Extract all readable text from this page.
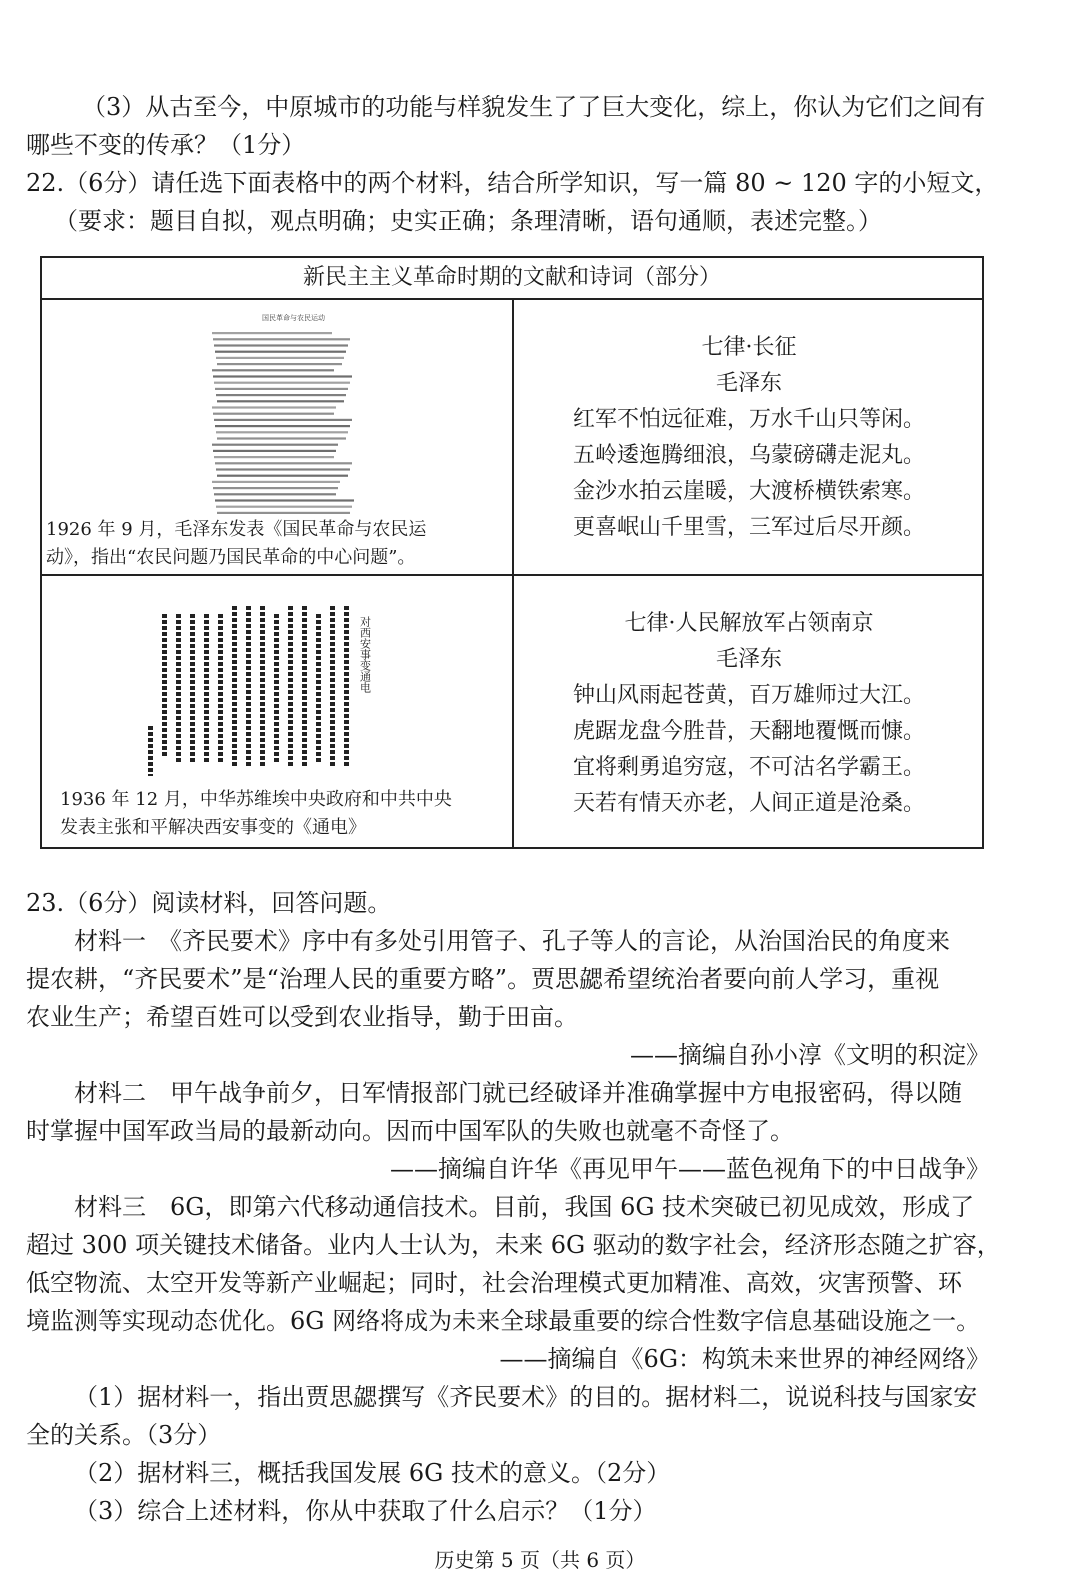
（3）从古至今，中原城市的功能与样貌发生了了巨大变化，综上，你认为它们之间有
哪些不变的传承？（1分）
22.（6分）请任选下面表格中的两个材料，结合所学知识，写一篇 80 ~ 120 字的小短文，
（要求：题目自拟，观点明确；史实正确；条理清晰，语句通顺，表述完整。）
新民主主义革命时期的文献和诗词（部分）
国民革命与农民运动
1926 年 9 月，毛泽东发表《国民革命与农民运
动》，指出“农民问题乃国民革命的中心问题”。
七律·长征
毛泽东
红军不怕远征难，万水千山只等闲。
五岭逶迤腾细浪，乌蒙磅礴走泥丸。
金沙水拍云崖暖，大渡桥横铁索寒。
更喜岷山千里雪，三军过后尽开颜。
对西安事变通电
1936 年 12 月，中华苏维埃中央政府和中共中央
发表主张和平解决西安事变的《通电》
七律·人民解放军占领南京
毛泽东
钟山风雨起苍黄，百万雄师过大江。
虎踞龙盘今胜昔，天翻地覆慨而慷。
宜将剩勇追穷寇，不可沽名学霸王。
天若有情天亦老，人间正道是沧桑。
23.（6分）阅读材料，回答问题。
材料一　《齐民要术》序中有多处引用管子、孔子等人的言论，从治国治民的角度来
提农耕，“齐民要术”是“治理人民的重要方略”。贾思勰希望统治者要向前人学习，重视
农业生产；希望百姓可以受到农业指导，勤于田亩。
——摘编自孙小淳《文明的积淀》
材料二　甲午战争前夕，日军情报部门就已经破译并准确掌握中方电报密码，得以随
时掌握中国军政当局的最新动向。因而中国军队的失败也就毫不奇怪了。
——摘编自许华《再见甲午——蓝色视角下的中日战争》
材料三　6G，即第六代移动通信技术。目前，我国 6G 技术突破已初见成效，形成了
超过 300 项关键技术储备。业内人士认为，未来 6G 驱动的数字社会，经济形态随之扩容，
低空物流、太空开发等新产业崛起；同时，社会治理模式更加精准、高效，灾害预警、环
境监测等实现动态优化。6G 网络将成为未来全球最重要的综合性数字信息基础设施之一。
——摘编自《6G：构筑未来世界的神经网络》
（1）据材料一，指出贾思勰撰写《齐民要术》的目的。据材料二，说说科技与国家安
全的关系。（3分）
（2）据材料三，概括我国发展 6G 技术的意义。（2分）
（3）综合上述材料，你从中获取了什么启示？（1分）
历史第 5 页（共 6 页）
